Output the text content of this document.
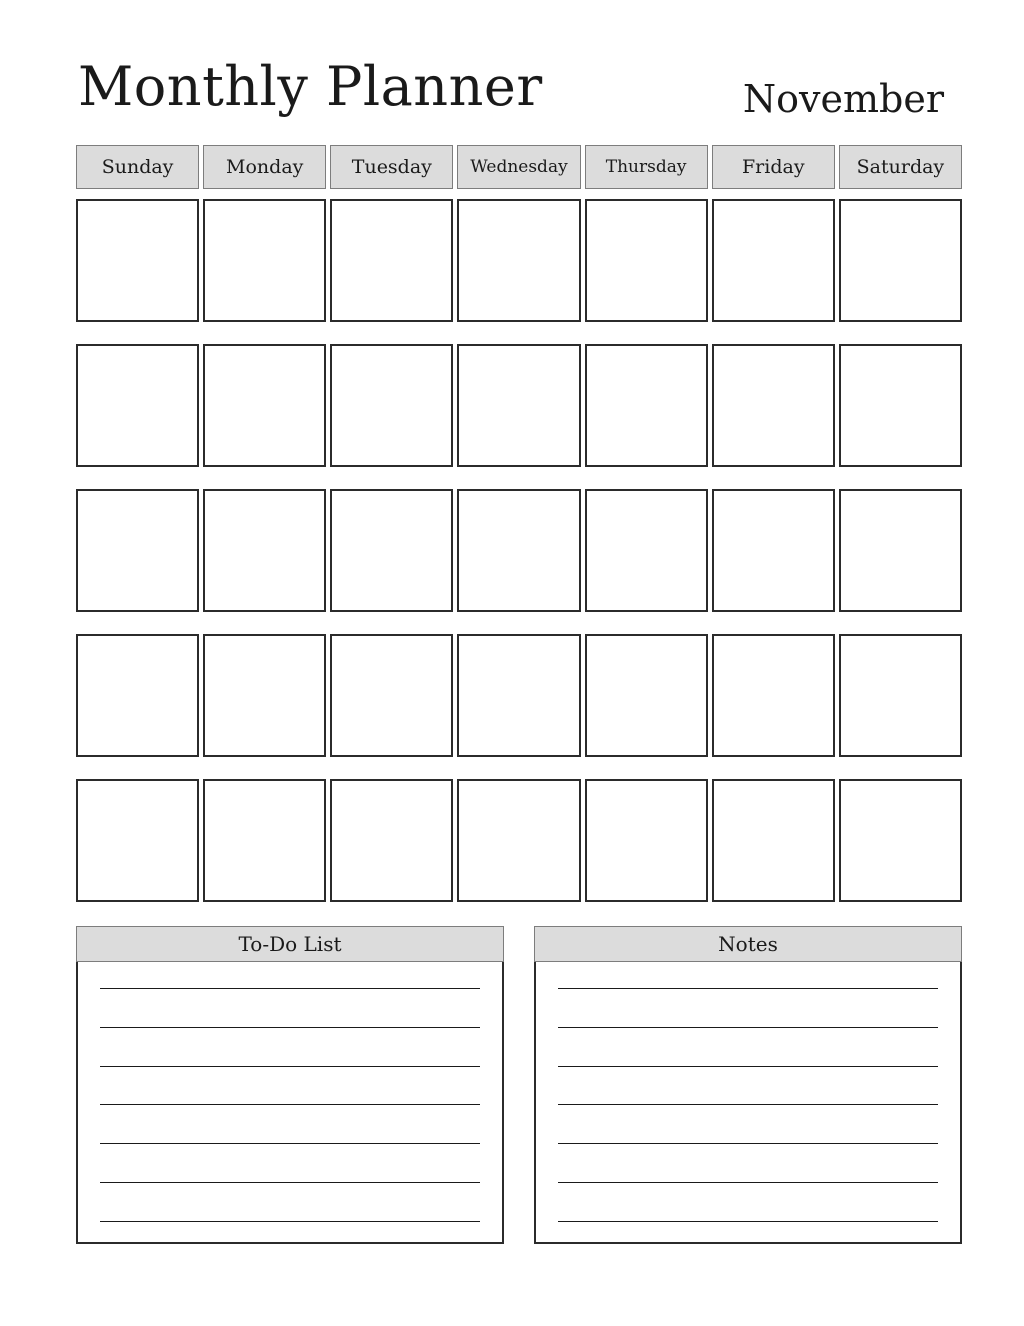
Monthly Planner	November
Sunday	Monday	Tuesday	Wednesday	Thursday	Friday	Saturday
To-Do List	Notes
